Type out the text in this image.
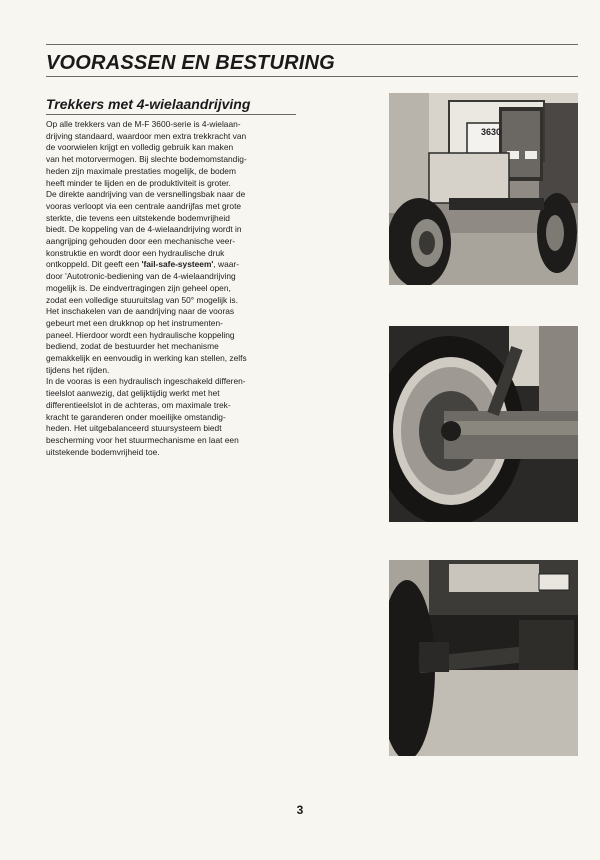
VOORASSEN EN BESTURING
Trekkers met 4-wielaandrijving

Op alle trekkers van de M-F 3600-serie is 4-wielaan-
drijving standaard, waardoor men extra trekkracht van
de voorwielen krijgt en volledig gebruik kan maken
van het motorvermogen. Bij slechte bodemomstandig-
heden zijn maximale prestaties mogelijk, de bodem
heeft minder te lijden en de produktiviteit is groter.
De direkte aandrijving van de versnellingsbak naar de
vooras verloopt via een centrale aandrijfas met grote
sterkte, die tevens een uitstekende bodemvrijheid
biedt. De koppeling van de 4-wielaandrijving wordt in
aangrijping gehouden door een mechanische veer-
konstruktie en wordt door een hydraulische druk
ontkoppeld. Dit geeft een 'fail-safe-systeem', waar-
door 'Autotronic-bediening van de 4-wielaandrijving
mogelijk is. De eindvertragingen zijn geheel open,
zodat een volledige stuuruitslag van 50° mogelijk is.
Het inschakelen van de aandrijving naar de vooras
gebeurt met een drukknop op het instrumenten-
paneel. Hierdoor wordt een hydraulische koppeling
bediend, zodat de bestuurder het mechanisme
gemakkelijk en eenvoudig in werking kan stellen, zelfs
tijdens het rijden.
In de vooras is een hydraulisch ingeschakeld differen-
tieelslot aanwezig, dat gelijktijdig werkt met het
differentieelslot in de achteras, om maximale trek-
kracht te garanderen onder moeilijke omstandig-
heden. Het uitgebalanceerd stuursysteem biedt
bescherming voor het stuurmechanisme en laat een
uitstekende bodemvrijheid toe.

3630
3
